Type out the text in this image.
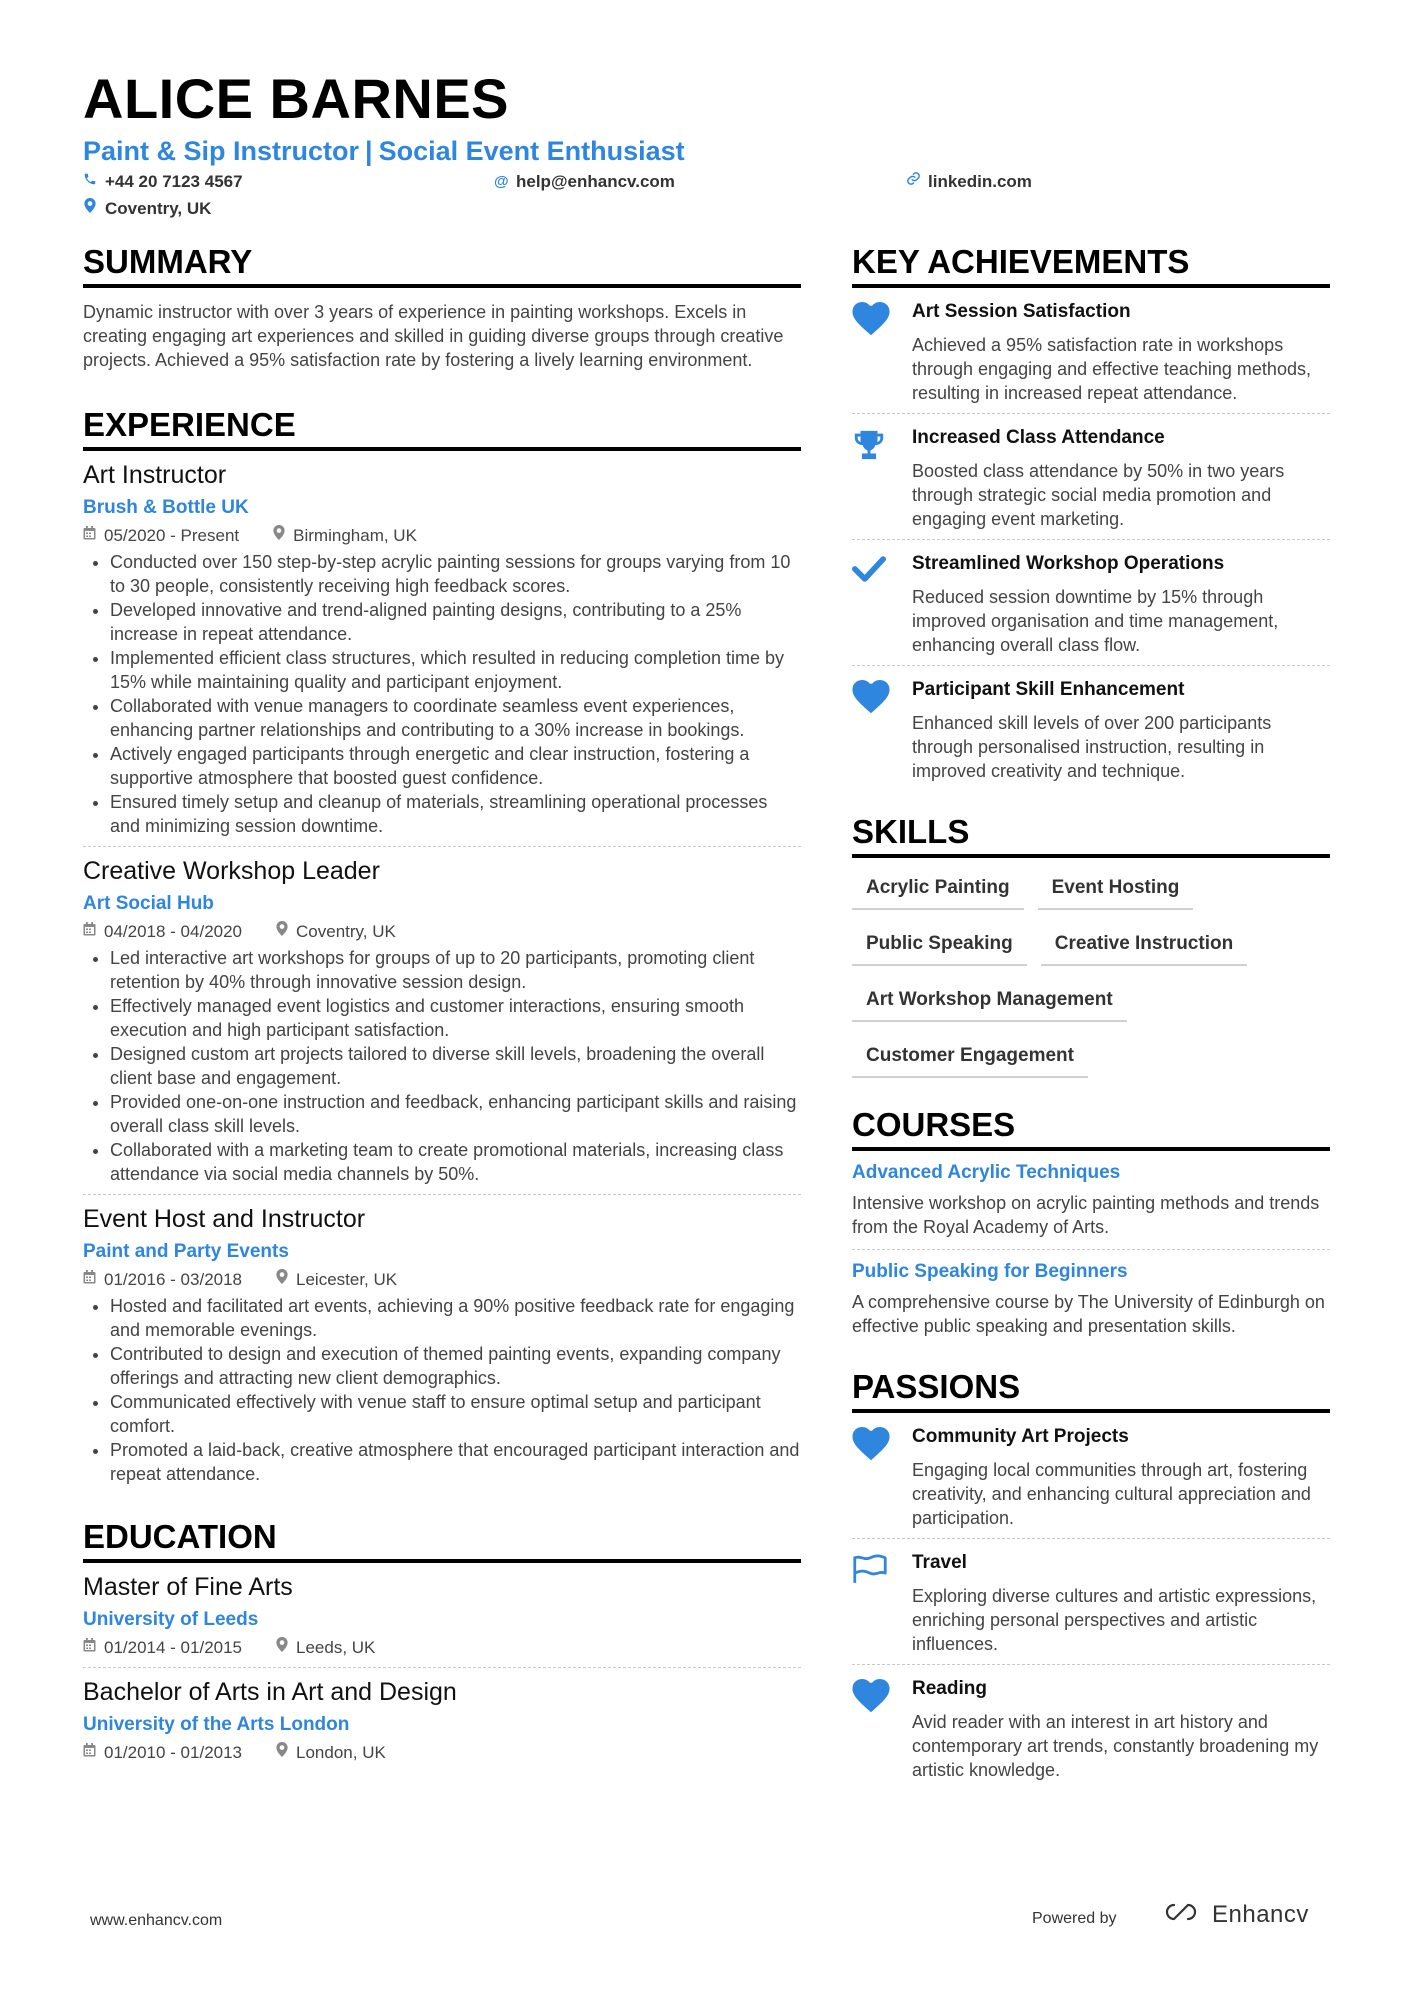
ALICE BARNES
Paint & Sip Instructor | Social Event Enthusiast
+44 20 7123 4567	@ help@enhancv.com	linkedin.com
Coventry, UK
SUMMARY

Dynamic instructor with over 3 years of experience in painting workshops. Excels in creating engaging art experiences and skilled in guiding diverse groups through creative projects. Achieved a 95% satisfaction rate by fostering a lively learning environment.

EXPERIENCE
Art Instructor
Brush & Bottle UK
05/2020 - Present	Birmingham, UK
• Conducted over 150 step-by-step acrylic painting sessions for groups varying from 10 to 30 people, consistently receiving high feedback scores.
• Developed innovative and trend-aligned painting designs, contributing to a 25% increase in repeat attendance.
• Implemented efficient class structures, which resulted in reducing completion time by 15% while maintaining quality and participant enjoyment.
• Collaborated with venue managers to coordinate seamless event experiences, enhancing partner relationships and contributing to a 30% increase in bookings.
• Actively engaged participants through energetic and clear instruction, fostering a supportive atmosphere that boosted guest confidence.
• Ensured timely setup and cleanup of materials, streamlining operational processes and minimizing session downtime.
Creative Workshop Leader
Art Social Hub
04/2018 - 04/2020	Coventry, UK
• Led interactive art workshops for groups of up to 20 participants, promoting client retention by 40% through innovative session design.
• Effectively managed event logistics and customer interactions, ensuring smooth execution and high participant satisfaction.
• Designed custom art projects tailored to diverse skill levels, broadening the overall client base and engagement.
• Provided one-on-one instruction and feedback, enhancing participant skills and raising overall class skill levels.
• Collaborated with a marketing team to create promotional materials, increasing class attendance via social media channels by 50%.
Event Host and Instructor
Paint and Party Events
01/2016 - 03/2018	Leicester, UK
• Hosted and facilitated art events, achieving a 90% positive feedback rate for engaging and memorable evenings.
• Contributed to design and execution of themed painting events, expanding company offerings and attracting new client demographics.
• Communicated effectively with venue staff to ensure optimal setup and participant comfort.
• Promoted a laid-back, creative atmosphere that encouraged participant interaction and repeat attendance.
EDUCATION
Master of Fine Arts
University of Leeds
01/2014 - 01/2015	Leeds, UK
Bachelor of Arts in Art and Design
University of the Arts London
01/2010 - 01/2013	London, UK
KEY ACHIEVEMENTS
Art Session Satisfaction
Achieved a 95% satisfaction rate in workshops through engaging and effective teaching methods, resulting in increased repeat attendance.
Increased Class Attendance
Boosted class attendance by 50% in two years through strategic social media promotion and engaging event marketing.
Streamlined Workshop Operations
Reduced session downtime by 15% through improved organisation and time management, enhancing overall class flow.
Participant Skill Enhancement
Enhanced skill levels of over 200 participants through personalised instruction, resulting in improved creativity and technique.
SKILLS
Acrylic Painting	Event Hosting
Public Speaking	Creative Instruction
Art Workshop Management
Customer Engagement
COURSES
Advanced Acrylic Techniques
Intensive workshop on acrylic painting methods and trends from the Royal Academy of Arts.
Public Speaking for Beginners
A comprehensive course by The University of Edinburgh on effective public speaking and presentation skills.
PASSIONS
Community Art Projects
Engaging local communities through art, fostering creativity, and enhancing cultural appreciation and participation.
Travel
Exploring diverse cultures and artistic expressions, enriching personal perspectives and artistic influences.
Reading
Avid reader with an interest in art history and contemporary art trends, constantly broadening my artistic knowledge.
www.enhancv.com	Powered by	Enhancv
